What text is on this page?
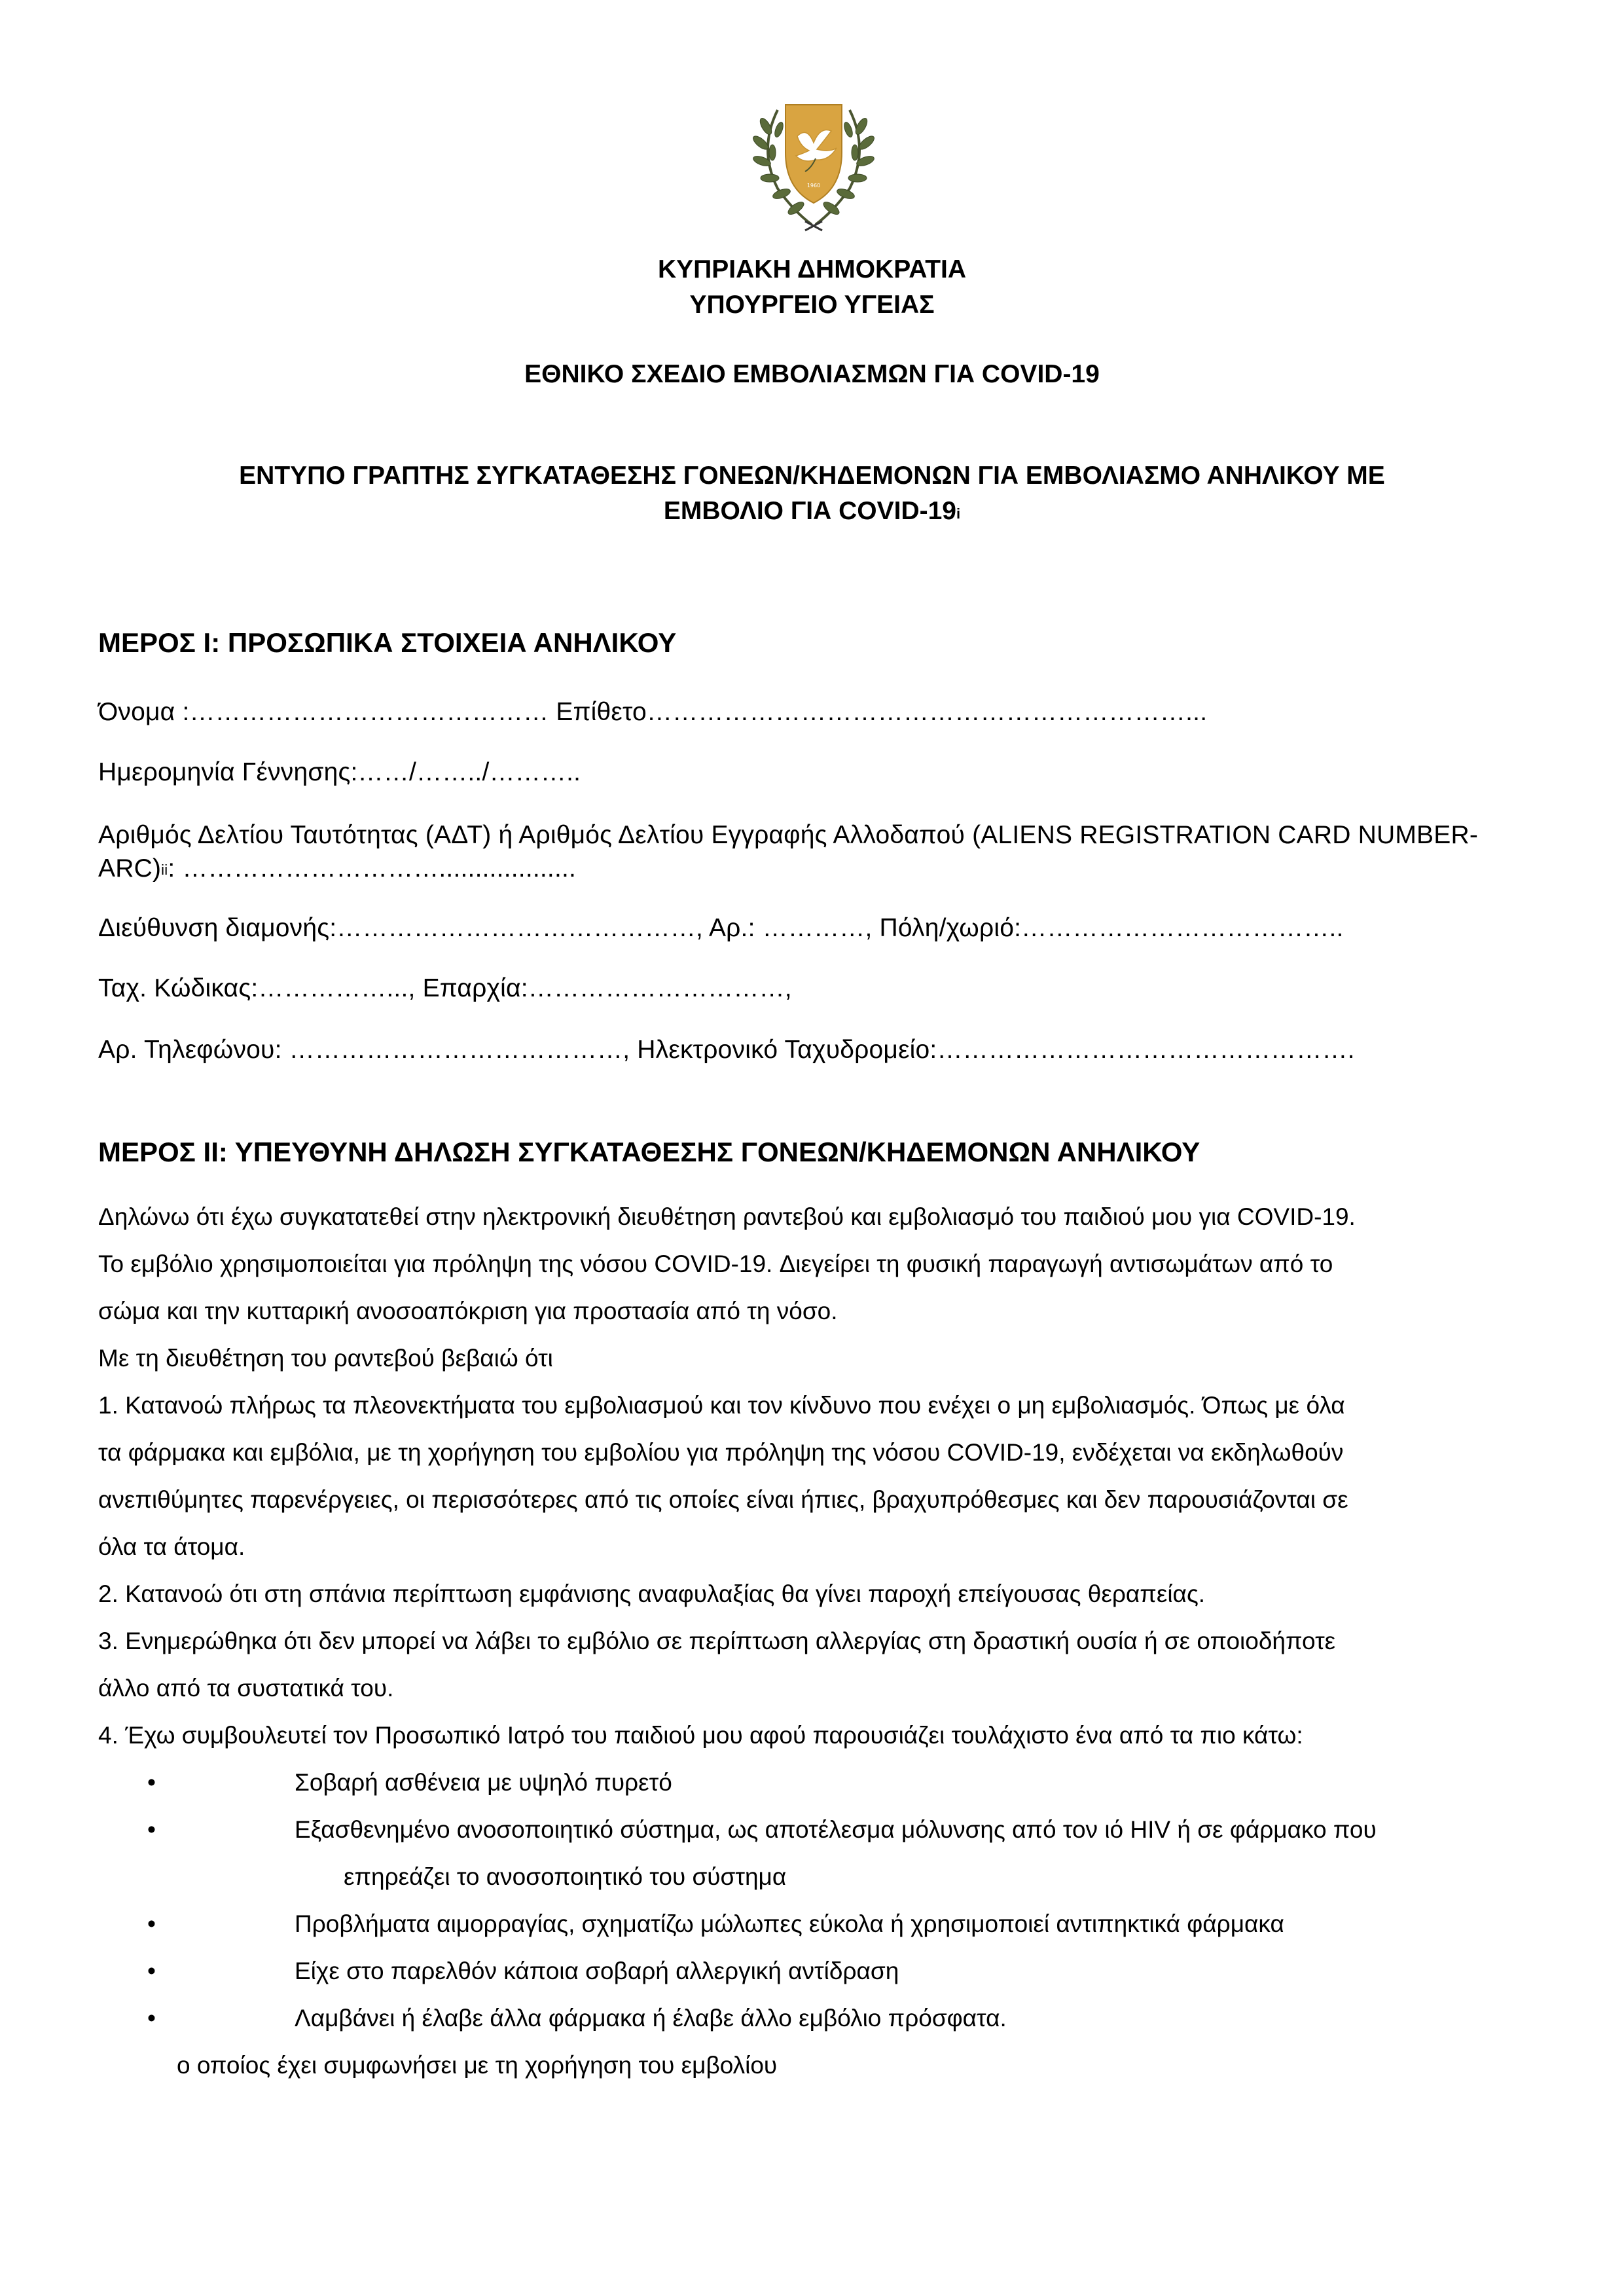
1960
ΚΥΠΡΙΑΚΗ ΔΗΜΟΚΡΑΤΙΑ
ΥΠΟΥΡΓΕΙΟ ΥΓΕΙΑΣ
ΕΘΝΙΚΟ ΣΧΕΔΙΟ ΕΜΒΟΛΙΑΣΜΩΝ ΓΙΑ COVID-19
ΕΝΤΥΠΟ ΓΡΑΠΤΗΣ ΣΥΓΚΑΤΑΘΕΣΗΣ ΓΟΝΕΩΝ/ΚΗΔΕΜΟΝΩΝ ΓΙΑ ΕΜΒΟΛΙΑΣΜΟ ΑΝΗΛΙΚΟΥ ΜΕ
ΕΜΒΟΛΙΟ ΓΙΑ COVID-19$^i$
ΜΕΡΟΣ Ι: ΠΡΟΣΩΠΙΚΑ ΣΤΟΙΧΕΙΑ ΑΝΗΛΙΚΟΥ
Όνομα :…………………………………… Επίθετο………………………………………………………...
Ημερομηνία Γέννησης:……/……../………..
Αριθμός Δελτίου Ταυτότητας (ΑΔΤ) ή Αριθμός Δελτίου Εγγραφής Αλλοδαπού (ALIENS REGISTRATION CARD NUMBER- ARC)$^{ii}$: …………………………...................
Διεύθυνση διαμονής:……………………………………, Αρ.: …………, Πόλη/χωριό:………………………………..
Ταχ. Κώδικας:……………..., Επαρχία:…………………………,
Αρ. Τηλεφώνου: …………………………………, Ηλεκτρονικό Ταχυδρομείο:………………………………………….
ΜΕΡΟΣ ΙΙ: ΥΠΕΥΘΥΝΗ ΔΗΛΩΣΗ ΣΥΓΚΑΤΑΘΕΣΗΣ ΓΟΝΕΩΝ/ΚΗΔΕΜΟΝΩΝ ΑΝΗΛΙΚΟΥ
Δηλώνω ότι έχω συγκατατεθεί στην ηλεκτρονική διευθέτηση ραντεβού και εμβολιασμό του παιδιού μου για COVID-19.
Το εμβόλιο χρησιμοποιείται για πρόληψη της νόσου COVID-19. Διεγείρει τη φυσική παραγωγή αντισωμάτων από το
σώμα και την κυτταρική ανοσοαπόκριση για προστασία από τη νόσο.
Με τη διευθέτηση του ραντεβού βεβαιώ ότι
1. Κατανοώ πλήρως τα πλεονεκτήματα του εμβολιασμού και τον κίνδυνο που ενέχει ο μη εμβολιασμός. Όπως με όλα
τα φάρμακα και εμβόλια, με τη χορήγηση του εμβολίου για πρόληψη της νόσου COVID-19, ενδέχεται να εκδηλωθούν
ανεπιθύμητες παρενέργειες, οι περισσότερες από τις οποίες είναι ήπιες, βραχυπρόθεσμες και δεν παρουσιάζονται σε
όλα τα άτομα.
2. Κατανοώ ότι στη σπάνια περίπτωση εμφάνισης αναφυλαξίας θα γίνει παροχή επείγουσας θεραπείας.
3. Ενημερώθηκα ότι δεν μπορεί να λάβει το εμβόλιο σε περίπτωση αλλεργίας στη δραστική ουσία ή σε οποιοδήποτε
άλλο από τα συστατικά του.
4. Έχω συμβουλευτεί τον Προσωπικό Ιατρό του παιδιού μου αφού παρουσιάζει τουλάχιστο ένα από τα πιο κάτω:
•	Σοβαρή ασθένεια με υψηλό πυρετό
•	Εξασθενημένο ανοσοποιητικό σύστημα, ως αποτέλεσμα μόλυνσης από τον ιό HIV ή σε φάρμακο που
επηρεάζει το ανοσοποιητικό του σύστημα
•	Προβλήματα αιμορραγίας, σχηματίζω μώλωπες εύκολα ή χρησιμοποιεί αντιπηκτικά φάρμακα
•	Είχε στο παρελθόν κάποια σοβαρή αλλεργική αντίδραση
•	Λαμβάνει ή έλαβε άλλα φάρμακα ή έλαβε άλλο εμβόλιο πρόσφατα.
ο οποίος έχει συμφωνήσει με τη χορήγηση του εμβολίου
